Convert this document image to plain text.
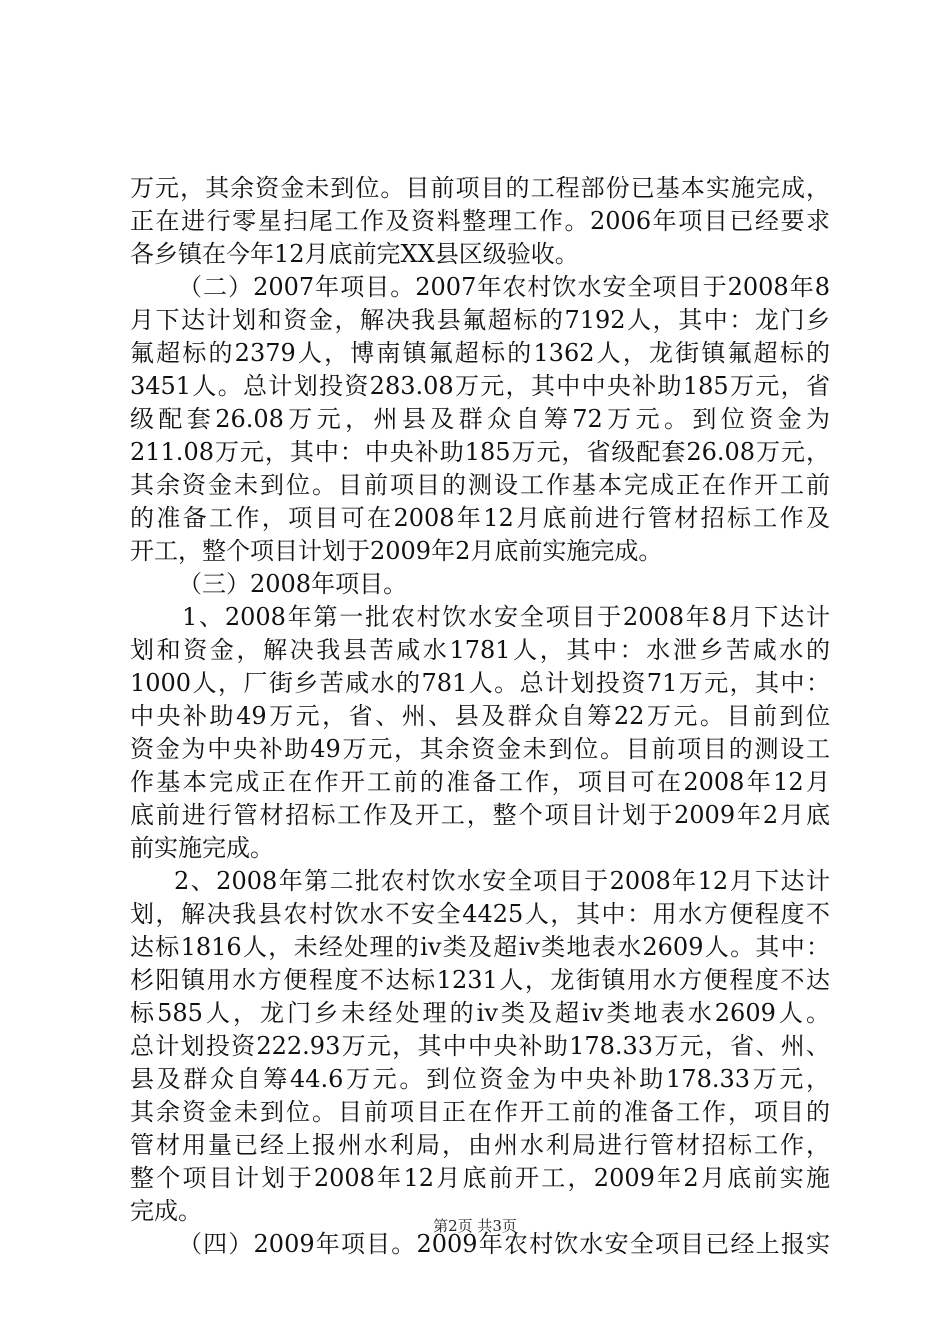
万元，其余资金未到位。目前项目的工程部份已基本实施完成，
正在进行零星扫尾工作及资料整理工作。2006年项目已经要求
各乡镇在今年12月底前完XX县区级验收。
（二）2007年项目。2007年农村饮水安全项目于2008年8
月下达计划和资金，解决我县氟超标的7192人，其中：龙门乡
氟超标的2379人，博南镇氟超标的1362人，龙街镇氟超标的
3451人。总计划投资283.08万元，其中中央补助185万元，省
级配套26.08万元，州县及群众自筹72万元。到位资金为
211.08万元，其中：中央补助185万元，省级配套26.08万元，
其余资金未到位。目前项目的测设工作基本完成正在作开工前
的准备工作，项目可在2008年12月底前进行管材招标工作及
开工，整个项目计划于2009年2月底前实施完成。
（三）2008年项目。
1、2008年第一批农村饮水安全项目于2008年8月下达计
划和资金，解决我县苦咸水1781人，其中：水泄乡苦咸水的
1000人，厂街乡苦咸水的781人。总计划投资71万元，其中：
中央补助49万元，省、州、县及群众自筹22万元。目前到位
资金为中央补助49万元，其余资金未到位。目前项目的测设工
作基本完成正在作开工前的准备工作，项目可在2008年12月
底前进行管材招标工作及开工，整个项目计划于2009年2月底
前实施完成。
2、2008年第二批农村饮水安全项目于2008年12月下达计
划，解决我县农村饮水不安全4425人，其中：用水方便程度不
达标1816人，未经处理的iv类及超iv类地表水2609人。其中：
杉阳镇用水方便程度不达标1231人，龙街镇用水方便程度不达
标585人，龙门乡未经处理的iv类及超iv类地表水2609人。
总计划投资222.93万元，其中中央补助178.33万元，省、州、
县及群众自筹44.6万元。到位资金为中央补助178.33万元，
其余资金未到位。目前项目正在作开工前的准备工作，项目的
管材用量已经上报州水利局，由州水利局进行管材招标工作，
整个项目计划于2008年12月底前开工，2009年2月底前实施
完成。
（四）2009年项目。2009年农村饮水安全项目已经上报实
第2页 共3页
